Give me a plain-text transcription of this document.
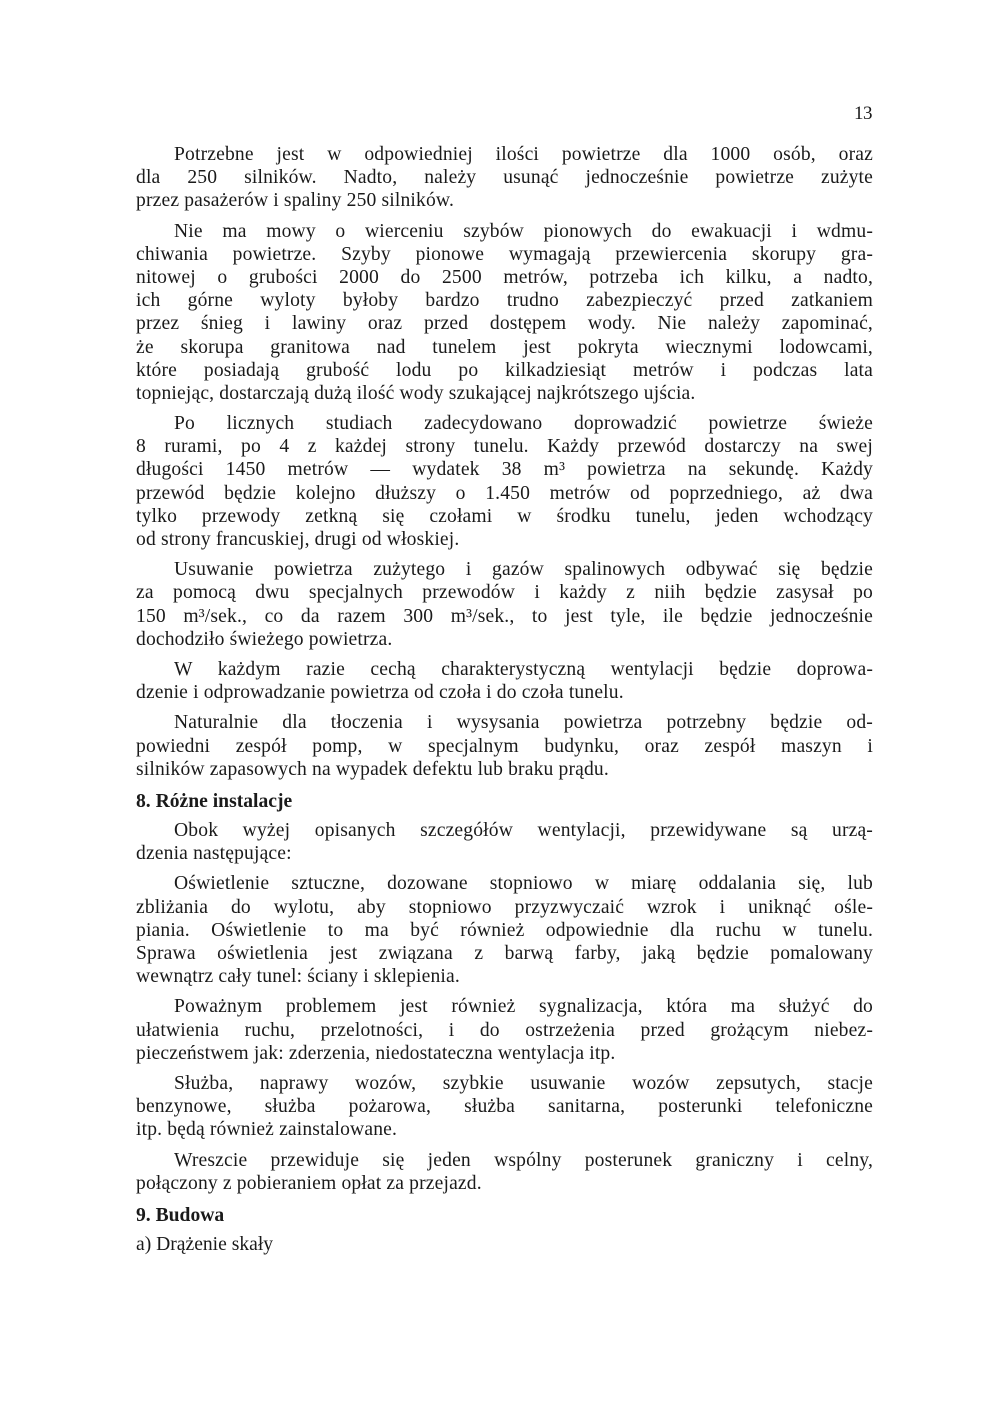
13
Potrzebne jest w odpowiedniej ilości powietrze dla 1000 osób, oraz
dla 250 silników. Nadto, należy usunąć jednocześnie powietrze zużyte
przez pasażerów i spaliny 250 silników.
Nie ma mowy o wierceniu szybów pionowych do ewakuacji i wdmu-
chiwania powietrze. Szyby pionowe wymagają przewiercenia skorupy gra-
nitowej o grubości 2000 do 2500 metrów, potrzeba ich kilku, a nadto,
ich górne wyloty byłoby bardzo trudno zabezpieczyć przed zatkaniem
przez śnieg i lawiny oraz przed dostępem wody. Nie należy zapominać,
że skorupa granitowa nad tunelem jest pokryta wiecznymi lodowcami,
które posiadają grubość lodu po kilkadziesiąt metrów i podczas lata
topniejąc, dostarczają dużą ilość wody szukającej najkrótszego ujścia.
Po licznych studiach zadecydowano doprowadzić powietrze świeże
8 rurami, po 4 z każdej strony tunelu. Każdy przewód dostarczy na swej
długości 1450 metrów — wydatek 38 m³ powietrza na sekundę. Każdy
przewód będzie kolejno dłuższy o 1.450 metrów od poprzedniego, aż dwa
tylko przewody zetkną się czołami w środku tunelu, jeden wchodzący
od strony francuskiej, drugi od włoskiej.
Usuwanie powietrza zużytego i gazów spalinowych odbywać się będzie
za pomocą dwu specjalnych przewodów i każdy z niih będzie zasysał po
150 m³/sek., co da razem 300 m³/sek., to jest tyle, ile będzie jednocześnie
dochodziło świeżego powietrza.
W każdym razie cechą charakterystyczną wentylacji będzie doprowa-
dzenie i odprowadzanie powietrza od czoła i do czoła tunelu.
Naturalnie dla tłoczenia i wysysania powietrza potrzebny będzie od-
powiedni zespół pomp, w specjalnym budynku, oraz zespół maszyn i
silników zapasowych na wypadek defektu lub braku prądu.
8. Różne instalacje
Obok wyżej opisanych szczegółów wentylacji, przewidywane są urzą-
dzenia następujące:
Oświetlenie sztuczne, dozowane stopniowo w miarę oddalania się, lub
zbliżania do wylotu, aby stopniowo przyzwyczaić wzrok i uniknąć ośle-
piania. Oświetlenie to ma być również odpowiednie dla ruchu w tunelu.
Sprawa oświetlenia jest związana z barwą farby, jaką będzie pomalowany
wewnątrz cały tunel: ściany i sklepienia.
Poważnym problemem jest również sygnalizacja, która ma służyć do
ułatwienia ruchu, przelotności, i do ostrzeżenia przed grożącym niebez-
pieczeństwem jak: zderzenia, niedostateczna wentylacja itp.
Służba, naprawy wozów, szybkie usuwanie wozów zepsutych, stacje
benzynowe, służba pożarowa, służba sanitarna, posterunki telefoniczne
itp. będą również zainstalowane.
Wreszcie przewiduje się jeden wspólny posterunek graniczny i celny,
połączony z pobieraniem opłat za przejazd.
9. Budowa
a) Drążenie skały
